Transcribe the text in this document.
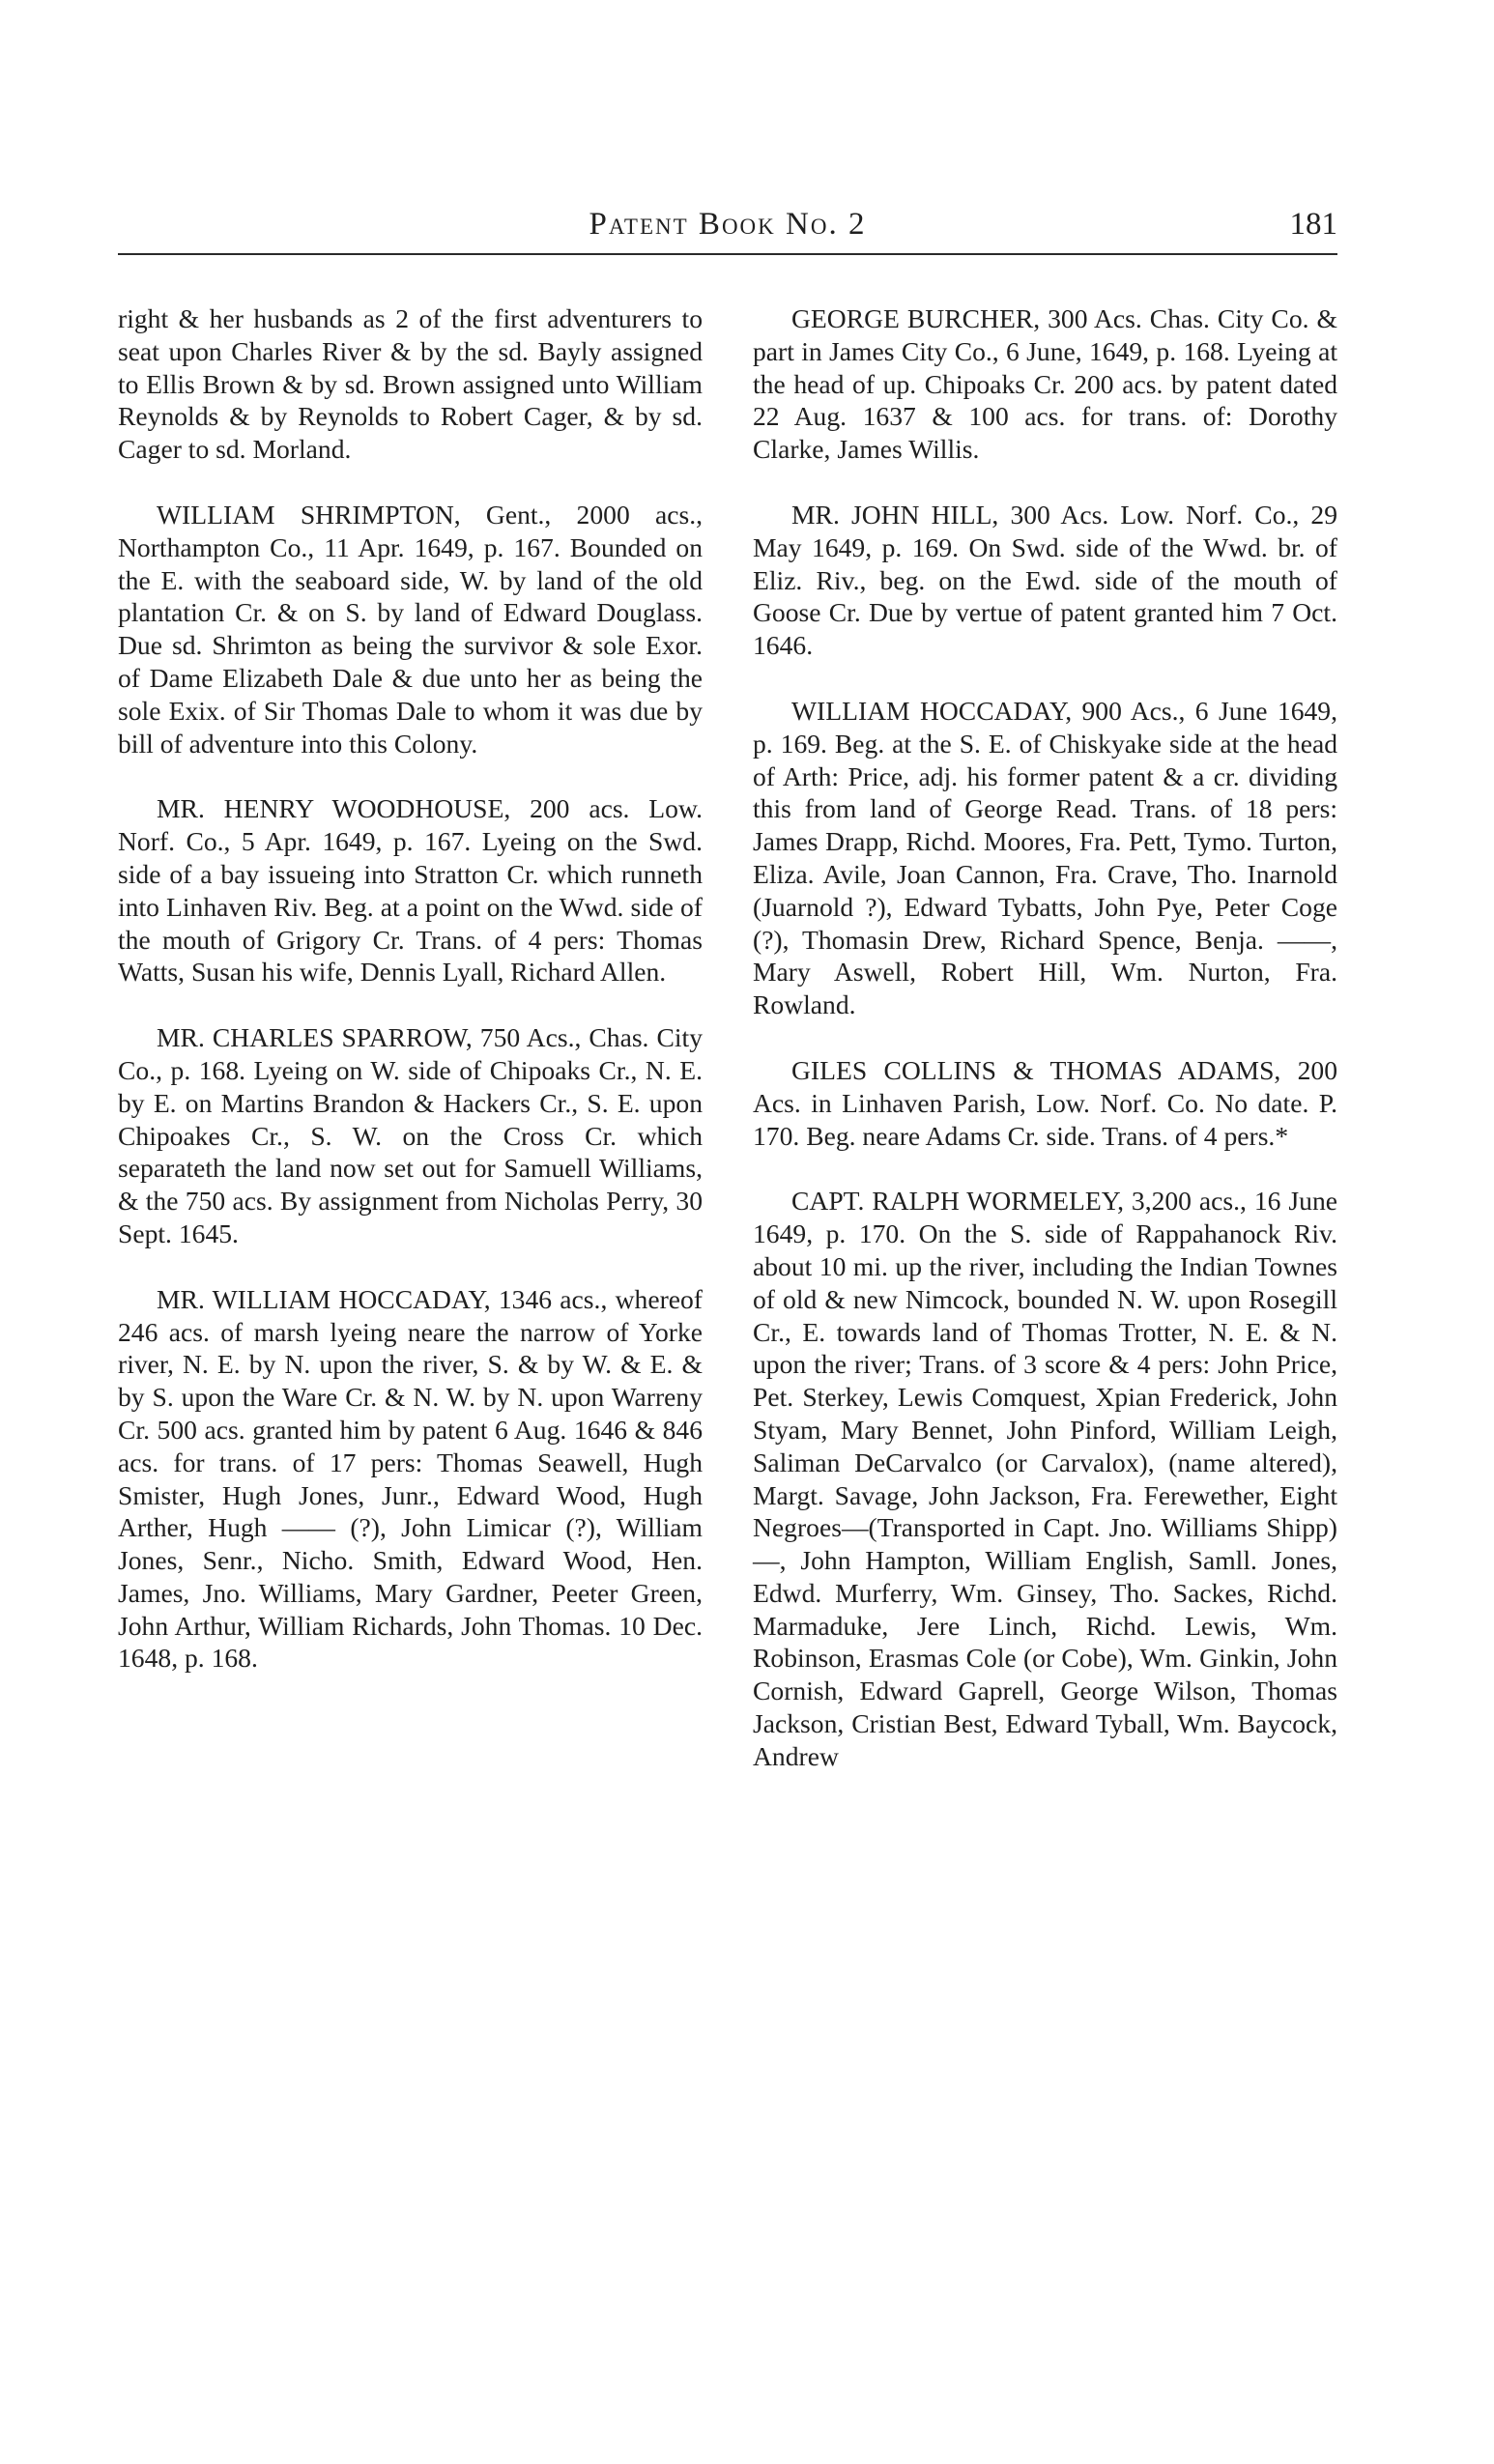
Patent Book No. 2	181

right & her husbands as 2 of the first adventurers to seat upon Charles River & by the sd. Bayly assigned to Ellis Brown & by sd. Brown assigned unto William Reynolds & by Reynolds to Robert Cager, & by sd. Cager to sd. Morland.

WILLIAM SHRIMPTON, Gent., 2000 acs., Northampton Co., 11 Apr. 1649, p. 167. Bounded on the E. with the seaboard side, W. by land of the old plantation Cr. & on S. by land of Edward Douglass. Due sd. Shrimton as being the survivor & sole Exor. of Dame Elizabeth Dale & due unto her as being the sole Exix. of Sir Thomas Dale to whom it was due by bill of adventure into this Colony.

MR. HENRY WOODHOUSE, 200 acs. Low. Norf. Co., 5 Apr. 1649, p. 167. Lyeing on the Swd. side of a bay issueing into Stratton Cr. which runneth into Linhaven Riv. Beg. at a point on the Wwd. side of the mouth of Grigory Cr. Trans. of 4 pers: Thomas Watts, Susan his wife, Dennis Lyall, Richard Allen.

MR. CHARLES SPARROW, 750 Acs., Chas. City Co., p. 168. Lyeing on W. side of Chipoaks Cr., N. E. by E. on Martins Brandon & Hackers Cr., S. E. upon Chipoakes Cr., S. W. on the Cross Cr. which separateth the land now set out for Samuell Williams, & the 750 acs. By assignment from Nicholas Perry, 30 Sept. 1645.

MR. WILLIAM HOCCADAY, 1346 acs., whereof 246 acs. of marsh lyeing neare the narrow of Yorke river, N. E. by N. upon the river, S. & by W. & E. & by S. upon the Ware Cr. & N. W. by N. upon Warreny Cr. 500 acs. granted him by patent 6 Aug. 1646 & 846 acs. for trans. of 17 pers: Thomas Seawell, Hugh Smister, Hugh Jones, Junr., Edward Wood, Hugh Arther, Hugh —— (?), John Limicar (?), William Jones, Senr., Nicho. Smith, Edward Wood, Hen. James, Jno. Williams, Mary Gardner, Peeter Green, John Arthur, William Richards, John Thomas. 10 Dec. 1648, p. 168.

GEORGE BURCHER, 300 Acs. Chas. City Co. & part in James City Co., 6 June, 1649, p. 168. Lyeing at the head of up. Chipoaks Cr. 200 acs. by patent dated 22 Aug. 1637 & 100 acs. for trans. of: Dorothy Clarke, James Willis.

MR. JOHN HILL, 300 Acs. Low. Norf. Co., 29 May 1649, p. 169. On Swd. side of the Wwd. br. of Eliz. Riv., beg. on the Ewd. side of the mouth of Goose Cr. Due by vertue of patent granted him 7 Oct. 1646.

WILLIAM HOCCADAY, 900 Acs., 6 June 1649, p. 169. Beg. at the S. E. of Chiskyake side at the head of Arth: Price, adj. his former patent & a cr. dividing this from land of George Read. Trans. of 18 pers: James Drapp, Richd. Moores, Fra. Pett, Tymo. Turton, Eliza. Avile, Joan Cannon, Fra. Crave, Tho. Inarnold (Juarnold ?), Edward Tybatts, John Pye, Peter Coge (?), Thomasin Drew, Richard Spence, Benja. ——, Mary Aswell, Robert Hill, Wm. Nurton, Fra. Rowland.

GILES COLLINS & THOMAS ADAMS, 200 Acs. in Linhaven Parish, Low. Norf. Co. No date. P. 170. Beg. neare Adams Cr. side. Trans. of 4 pers.*

CAPT. RALPH WORMELEY, 3,200 acs., 16 June 1649, p. 170. On the S. side of Rappahanock Riv. about 10 mi. up the river, including the Indian Townes of old & new Nimcock, bounded N. W. upon Rosegill Cr., E. towards land of Thomas Trotter, N. E. & N. upon the river; Trans. of 3 score & 4 pers: John Price, Pet. Sterkey, Lewis Comquest, Xpian Frederick, John Styam, Mary Bennet, John Pinford, William Leigh, Saliman DeCarvalco (or Carvalox), (name altered), Margt. Savage, John Jackson, Fra. Ferewether, Eight Negroes—(Transported in Capt. Jno. Williams Shipp)—, John Hampton, William English, Samll. Jones, Edwd. Murferry, Wm. Ginsey, Tho. Sackes, Richd. Marmaduke, Jere Linch, Richd. Lewis, Wm. Robinson, Erasmas Cole (or Cobe), Wm. Ginkin, John Cornish, Edward Gaprell, George Wilson, Thomas Jackson, Cristian Best, Edward Tyball, Wm. Baycock, Andrew
